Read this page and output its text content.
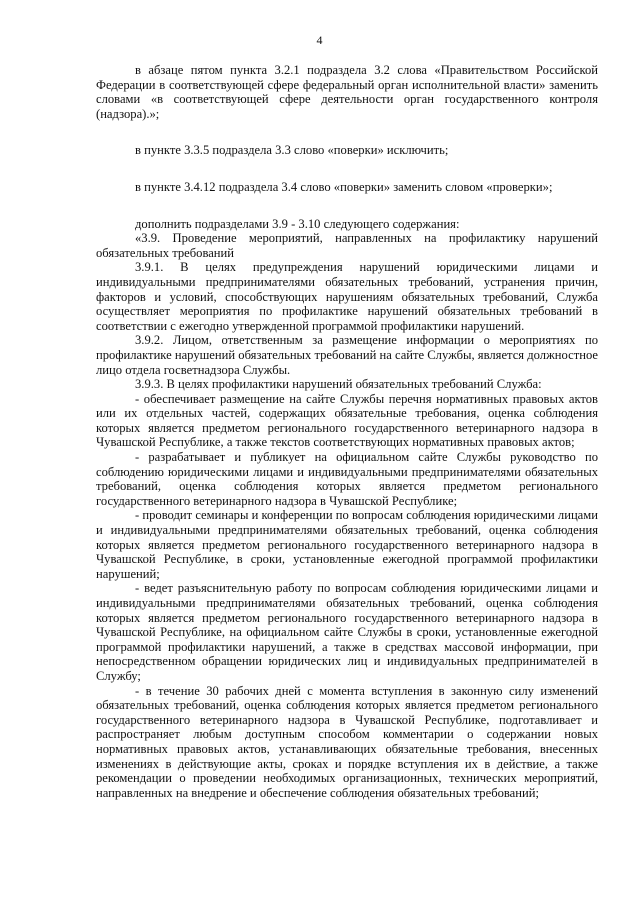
4

в абзаце пятом пункта 3.2.1 подраздела 3.2 слова «Правительством Российской Федерации в соответствующей сфере федеральный орган исполнительной власти» заменить словами «в соответствующей сфере деятельности орган государственного контроля (надзора).»;

в пункте 3.3.5 подраздела 3.3 слово «поверки» исключить;

в пункте 3.4.12 подраздела 3.4 слово «поверки» заменить словом «проверки»;

дополнить подразделами 3.9 - 3.10 следующего содержания:

«3.9. Проведение мероприятий, направленных на профилактику нарушений обязательных требований

3.9.1. В целях предупреждения нарушений юридическими лицами и индивидуальными предпринимателями обязательных требований, устранения причин, факторов и условий, способствующих нарушениям обязательных требований, Служба осуществляет мероприятия по профилактике нарушений обязательных требований в соответствии с ежегодно утвержденной программой профилактики нарушений.

3.9.2. Лицом, ответственным за размещение информации о мероприятиях по профилактике нарушений обязательных требований на сайте Службы, является должностное лицо отдела госветнадзора Службы.

3.9.3. В целях профилактики нарушений обязательных требований Служба:

- обеспечивает размещение на сайте Службы перечня нормативных правовых актов или их отдельных частей, содержащих обязательные требования, оценка соблюдения которых является предметом регионального государственного ветеринарного надзора в Чувашской Республике, а также текстов соответствующих нормативных правовых актов;

- разрабатывает и публикует на официальном сайте Службы руководство по соблюдению юридическими лицами и индивидуальными предпринимателями обязательных требований, оценка соблюдения которых является предметом регионального государственного ветеринарного надзора в Чувашской Республике;

- проводит семинары и конференции по вопросам соблюдения юридическими лицами и индивидуальными предпринимателями обязательных требований, оценка соблюдения которых является предметом регионального государственного ветеринарного надзора в Чувашской Республике, в сроки, установленные ежегодной программой профилактики нарушений;

- ведет разъяснительную работу по вопросам соблюдения юридическими лицами и индивидуальными предпринимателями обязательных требований, оценка соблюдения которых является предметом регионального государственного ветеринарного надзора в Чувашской Республике, на официальном сайте Службы в сроки, установленные ежегодной программой профилактики нарушений, а также в средствах массовой информации, при непосредственном обращении юридических лиц и индивидуальных предпринимателей в Службу;

- в течение 30 рабочих дней с момента вступления в законную силу изменений обязательных требований, оценка соблюдения которых является предметом регионального государственного ветеринарного надзора в Чувашской Республике, подготавливает и распространяет любым доступным способом комментарии о содержании новых нормативных правовых актов, устанавливающих обязательные требования, внесенных изменениях в действующие акты, сроках и порядке вступления их в действие, а также рекомендации о проведении необходимых организационных, технических мероприятий, направленных на внедрение и обеспечение соблюдения обязательных требований;
